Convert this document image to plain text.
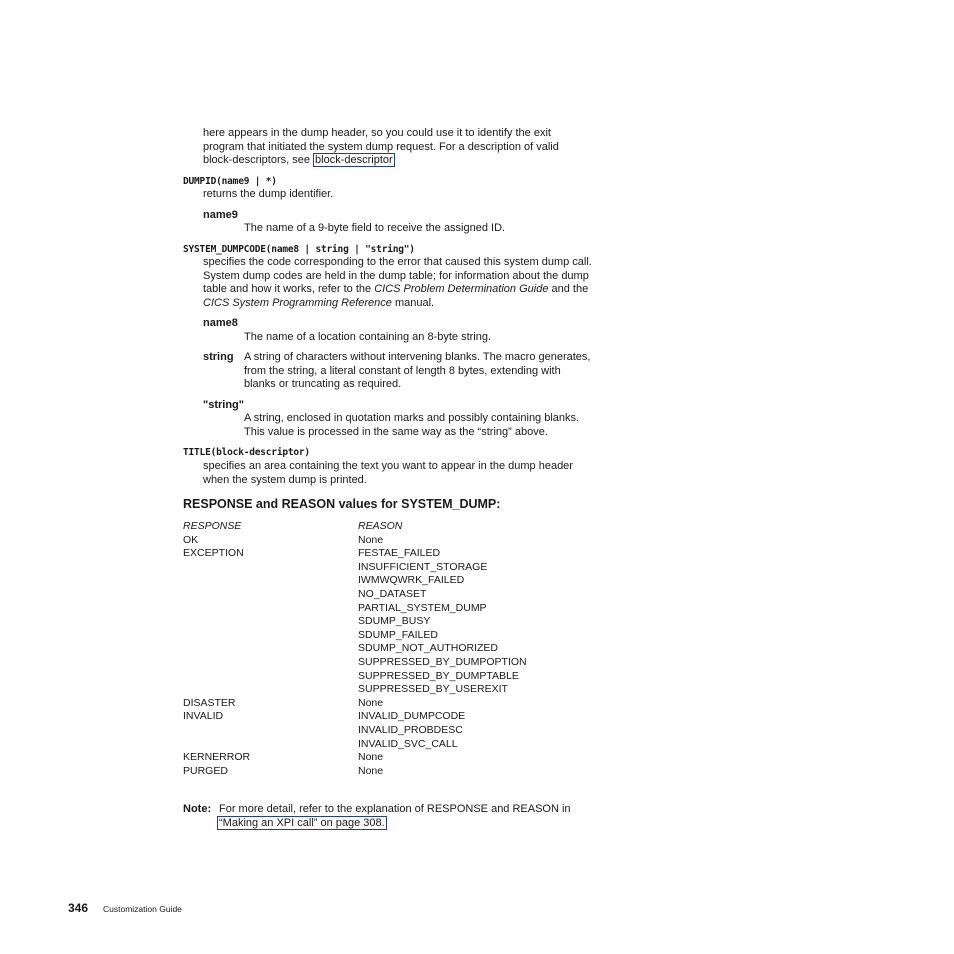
here appears in the dump header, so you could use it to identify the exit
program that initiated the system dump request. For a description of valid
block-descriptors, see block-descriptor
DUMPID(name9 | *)
returns the dump identifier.
name9
The name of a 9-byte field to receive the assigned ID.
SYSTEM_DUMPCODE(name8 | string | "string")
specifies the code corresponding to the error that caused this system dump call.
System dump codes are held in the dump table; for information about the dump
table and how it works, refer to the CICS Problem Determination Guide and the
CICS System Programming Reference manual.
name8
The name of a location containing an 8-byte string.
string A string of characters without intervening blanks. The macro generates,
from the string, a literal constant of length 8 bytes, extending with
blanks or truncating as required.
"string"
A string, enclosed in quotation marks and possibly containing blanks.
This value is processed in the same way as the “string” above.
TITLE(block-descriptor)
specifies an area containing the text you want to appear in the dump header
when the system dump is printed.
RESPONSE and REASON values for SYSTEM_DUMP:
RESPONSE	REASON
OK	None
EXCEPTION	FESTAE_FAILED
INSUFFICIENT_STORAGE
IWMWQWRK_FAILED
NO_DATASET
PARTIAL_SYSTEM_DUMP
SDUMP_BUSY
SDUMP_FAILED
SDUMP_NOT_AUTHORIZED
SUPPRESSED_BY_DUMPOPTION
SUPPRESSED_BY_DUMPTABLE
SUPPRESSED_BY_USEREXIT
DISASTER	None
INVALID	INVALID_DUMPCODE
INVALID_PROBDESC
INVALID_SVC_CALL
KERNERROR	None
PURGED	None
Note: For more detail, refer to the explanation of RESPONSE and REASON in
“Making an XPI call” on page 308.
346 Customization Guide
